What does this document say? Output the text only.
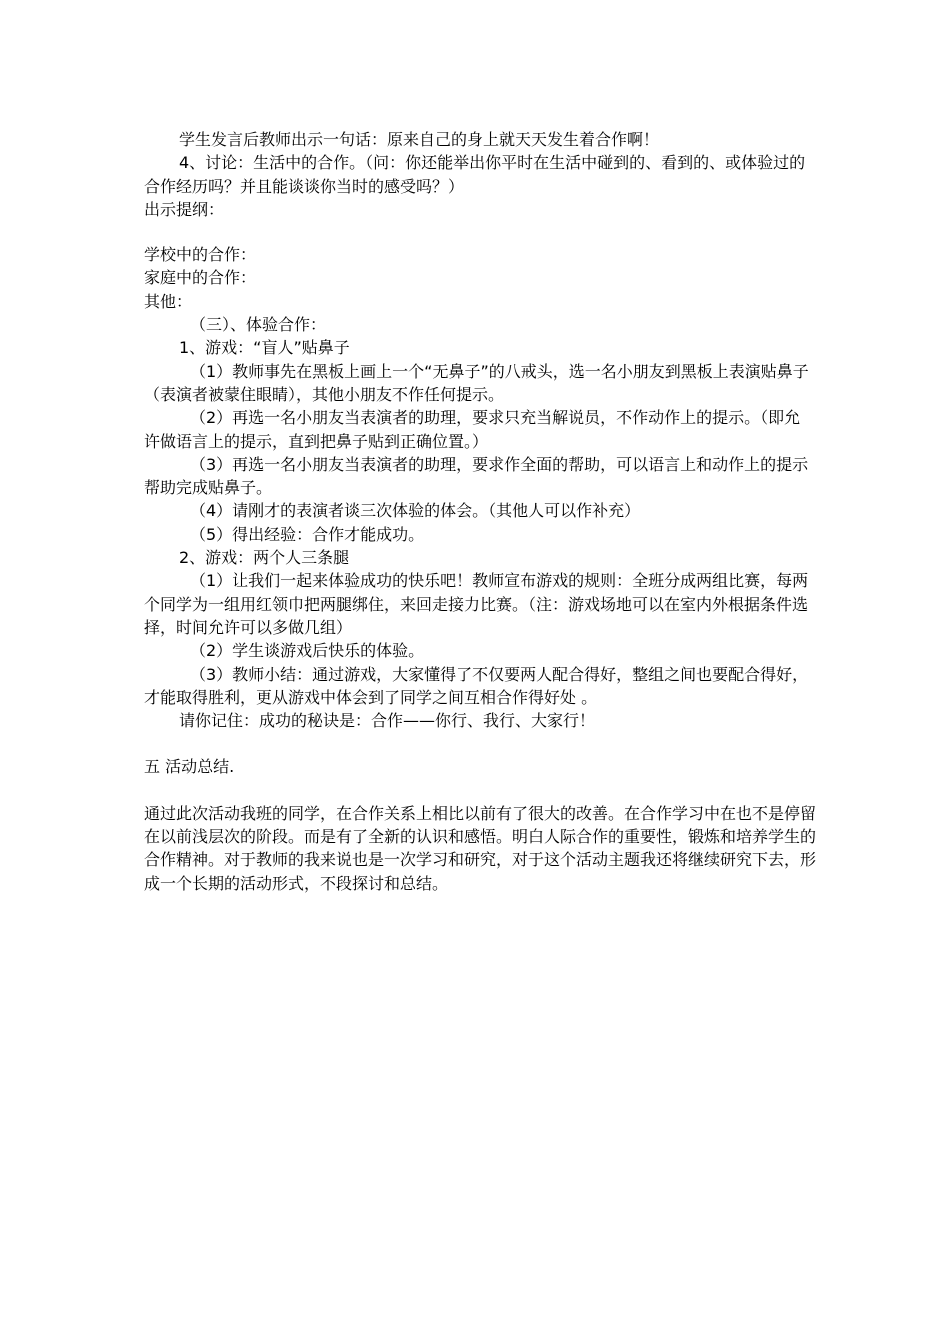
学生发言后教师出示一句话：原来自己的身上就天天发生着合作啊！

4、讨论：生活中的合作。（问：你还能举出你平时在生活中碰到的、看到的、或体验过的合作经历吗？并且能谈谈你当时的感受吗？）

出示提纲：

学校中的合作：

家庭中的合作：

其他：

（三）、体验合作：

1、游戏：“盲人”贴鼻子

（1）教师事先在黑板上画上一个“无鼻子”的八戒头，选一名小朋友到黑板上表演贴鼻子（表演者被蒙住眼睛），其他小朋友不作任何提示。

（2）再选一名小朋友当表演者的助理，要求只充当解说员，不作动作上的提示。（即允许做语言上的提示，直到把鼻子贴到正确位置。）

（3）再选一名小朋友当表演者的助理，要求作全面的帮助，可以语言上和动作上的提示帮助完成贴鼻子。

（4）请刚才的表演者谈三次体验的体会。（其他人可以作补充）

（5）得出经验：合作才能成功。

2、游戏：两个人三条腿

（1）让我们一起来体验成功的快乐吧！教师宣布游戏的规则：全班分成两组比赛，每两个同学为一组用红领巾把两腿绑住，来回走接力比赛。（注：游戏场地可以在室内外根据条件选择，时间允许可以多做几组）

（2）学生谈游戏后快乐的体验。

（3）教师小结：通过游戏，大家懂得了不仅要两人配合得好，整组之间也要配合得好，才能取得胜利，更从游戏中体会到了同学之间互相合作得好处 。

请你记住：成功的秘诀是：合作——你行、我行、大家行！

五 活动总结.

通过此次活动我班的同学，在合作关系上相比以前有了很大的改善。在合作学习中在也不是停留在以前浅层次的阶段。而是有了全新的认识和感悟。明白人际合作的重要性，锻炼和培养学生的合作精神。对于教师的我来说也是一次学习和研究，对于这个活动主题我还将继续研究下去，形成一个长期的活动形式，不段探讨和总结。
